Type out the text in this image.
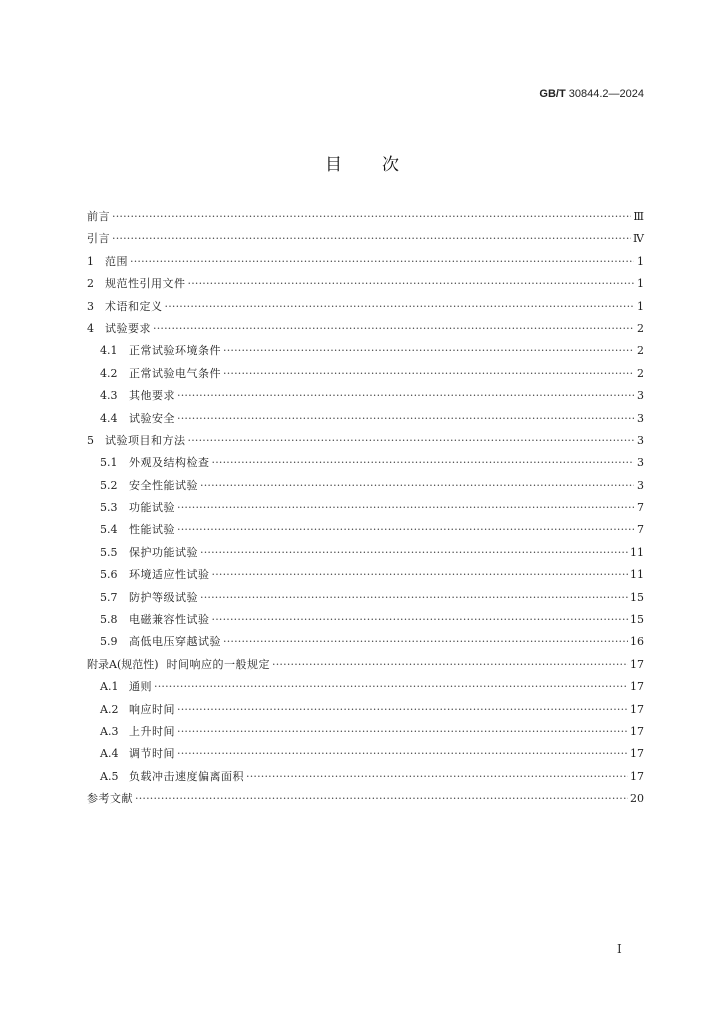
GB/T 30844.2—2024
目次
前言 ·····	Ⅲ
引言 ·····	Ⅳ
1	范围 ·····	1
2	规范性引用文件 ·····	1
3	术语和定义 ·····	1
4	试验要求 ·····	2
4.1	正常试验环境条件 ·····	2
4.2	正常试验电气条件 ·····	2
4.3	其他要求 ·····	3
4.4	试验安全 ·····	3
5	试验项目和方法 ·····	3
5.1	外观及结构检查 ·····	3
5.2	安全性能试验 ·····	3
5.3	功能试验 ·····	7
5.4	性能试验 ·····	7
5.5	保护功能试验 ·····	11
5.6	环境适应性试验 ·····	11
5.7	防护等级试验 ·····	15
5.8	电磁兼容性试验 ·····	15
5.9	高低电压穿越试验 ·····	16
附录A(规范性) 时间响应的一般规定 ·····	17
A.1 通则 ·····	17
A.2 响应时间 ·····	17
A.3 上升时间 ·····	17
A.4 调节时间 ·····	17
A.5 负载冲击速度偏离面积 ·····	17
参考文献 ·····	20
I
